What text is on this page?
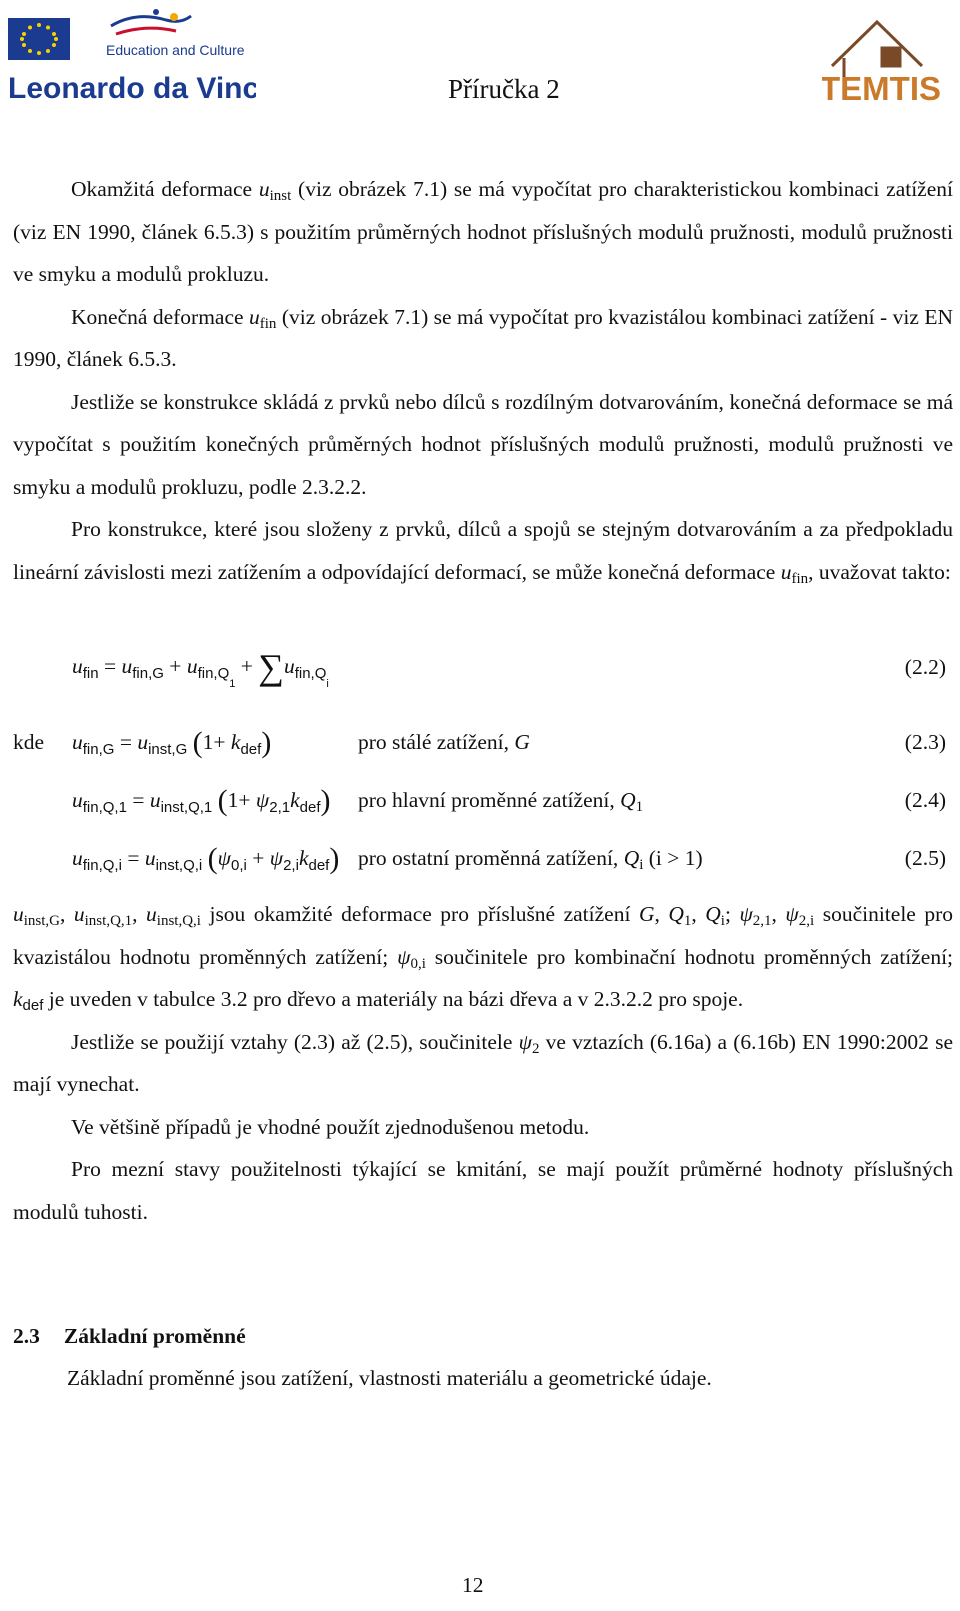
Education and Culture
Leonardo da Vinci	Příručka 2	TEMTIS

Okamžitá deformace $u_{inst}$ (viz obrázek 7.1) se má vypočítat pro charakteristickou kombinaci zatížení (viz EN 1990, článek 6.5.3) s použitím průměrných hodnot příslušných modulů pružnosti, modulů pružnosti ve smyku a modulů prokluzu.

Konečná deformace $u_{fin}$ (viz obrázek 7.1) se má vypočítat pro kvazistálou kombinaci zatížení - viz EN 1990, článek 6.5.3.

Jestliže se konstrukce skládá z prvků nebo dílců s rozdílným dotvarováním, konečná deformace se má vypočítat s použitím konečných průměrných hodnot příslušných modulů pružnosti, modulů pružnosti ve smyku a modulů prokluzu, podle 2.3.2.2.

Pro konstrukce, které jsou složeny z prvků, dílců a spojů se stejným dotvarováním a za předpokladu lineární závislosti mezi zatížením a odpovídající deformací, se může konečná deformace $u_{fin}$, uvažovat takto:

$u_{fin} = u_{fin,G} + u_{fin,Q_1} + \sum u_{fin,Q_i}$
(2.2)
kde $u_{fin,G} = u_{inst,G}$ $(1+ k_{def})$	pro stálé zatížení, G	(2.3)
$u_{fin,Q,1} = u_{inst,Q,1}$ $(1+ \psi_{2,1}k_{def})$ pro hlavní proměnné zatížení, $Q_1$	(2.4)
$u_{fin,Q,i} = u_{inst,Q,i}$ $(\psi_{0,i} + \psi_{2,i}k_{def})$ pro ostatní proměnná zatížení, $Q_i$ (i > 1)	(2.5)

$u_{inst,G}$, $u_{inst,Q,1}$, $u_{inst,Q,i}$ jsou okamžité deformace pro příslušné zatížení G, $Q_1$, $Q_i$; $\psi_{2,1}$, $\psi_{2,i}$ součinitele pro kvazistálou hodnotu proměnných zatížení; $\psi_{0,i}$ součinitele pro kombinační hodnotu proměnných zatížení; $k_{def}$ je uveden v tabulce 3.2 pro dřevo a materiály na bázi dřeva a v 2.3.2.2 pro spoje.

Jestliže se použijí vztahy (2.3) až (2.5), součinitele $\psi_2$ ve vztazích (6.16a) a (6.16b) EN 1990:2002 se mají vynechat.

Ve většině případů je vhodné použít zjednodušenou metodu.

Pro mezní stavy použitelnosti týkající se kmitání, se mají použít průměrné hodnoty příslušných modulů tuhosti.

2.3 Základní proměnné
Základní proměnné jsou zatížení, vlastnosti materiálu a geometrické údaje.
12
